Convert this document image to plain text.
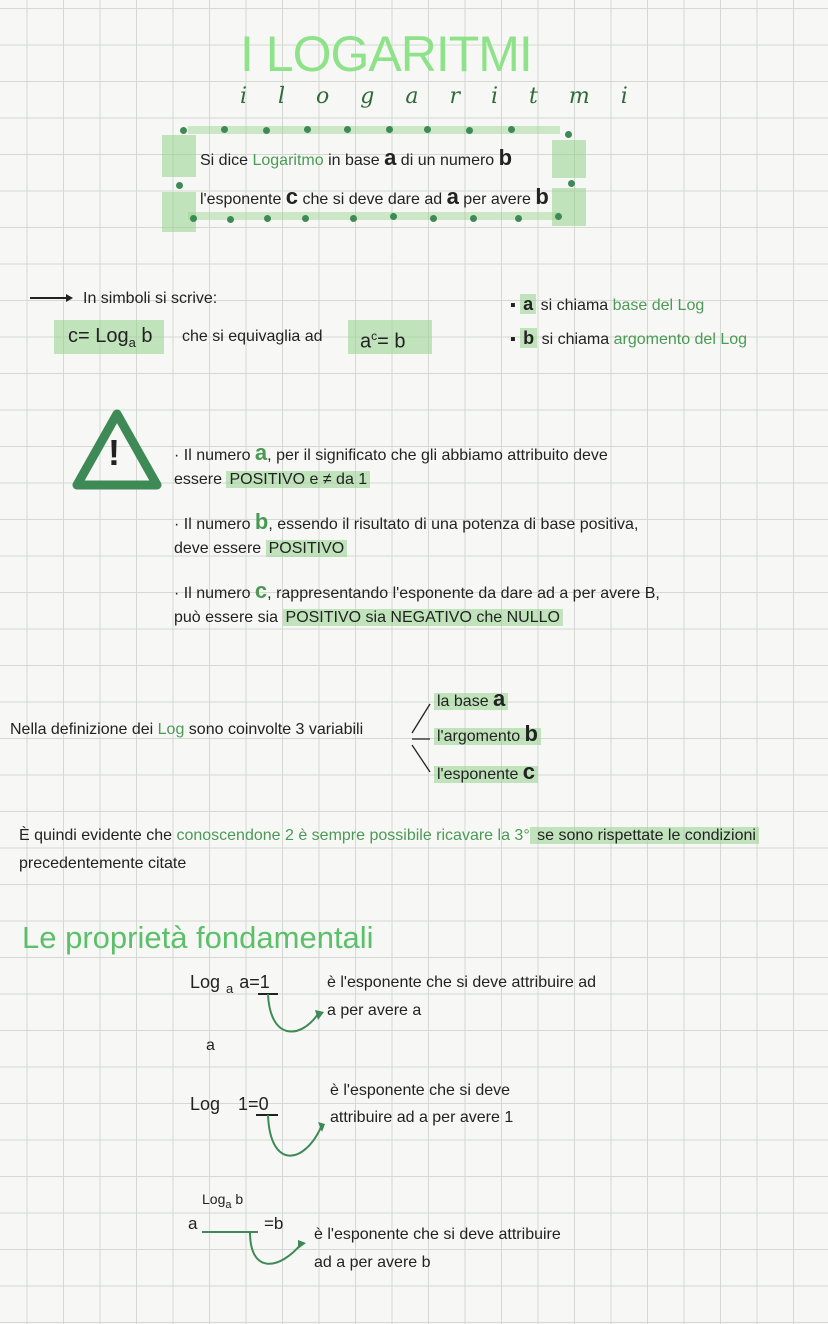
I LOGARITMI
i l o g a r i t m i
Si dice Logaritmo in base a di un numero b
l'esponente c che si deve dare ad a per avere b
In simboli si scrive:
c= Log$_a$ b	che si equivaglia ad	$a^c= b$
▪ a si chiama base del Log
▪ b si chiama argomento del Log
!	· Il numero a, per il significato che gli abbiamo attribuito deve
essere POSITIVO e ≠ da 1
· Il numero b, essendo il risultato di una potenza di base positiva,
deve essere POSITIVO
· Il numero c, rappresentando l'esponente da dare ad a per avere B,
può essere sia POSITIVO sia NEGATIVO che NULLO
Nella definizione dei Log sono coinvolte 3 variabili
la base a
l'argomento b
l'esponente c
È quindi evidente che conoscendone 2 è sempre possibile ricavare la 3° se sono rispettate le condizioni
precedentemente citate
Le proprietà fondamentali
Log $_a$ a=1
a
è l'esponente che si deve attribuire ad
a per avere a
Log 1=0
è l'esponente che si deve
attribuire ad a per avere 1
a
Log$_a$ b
=b
è l'esponente che si deve attribuire
ad a per avere b
